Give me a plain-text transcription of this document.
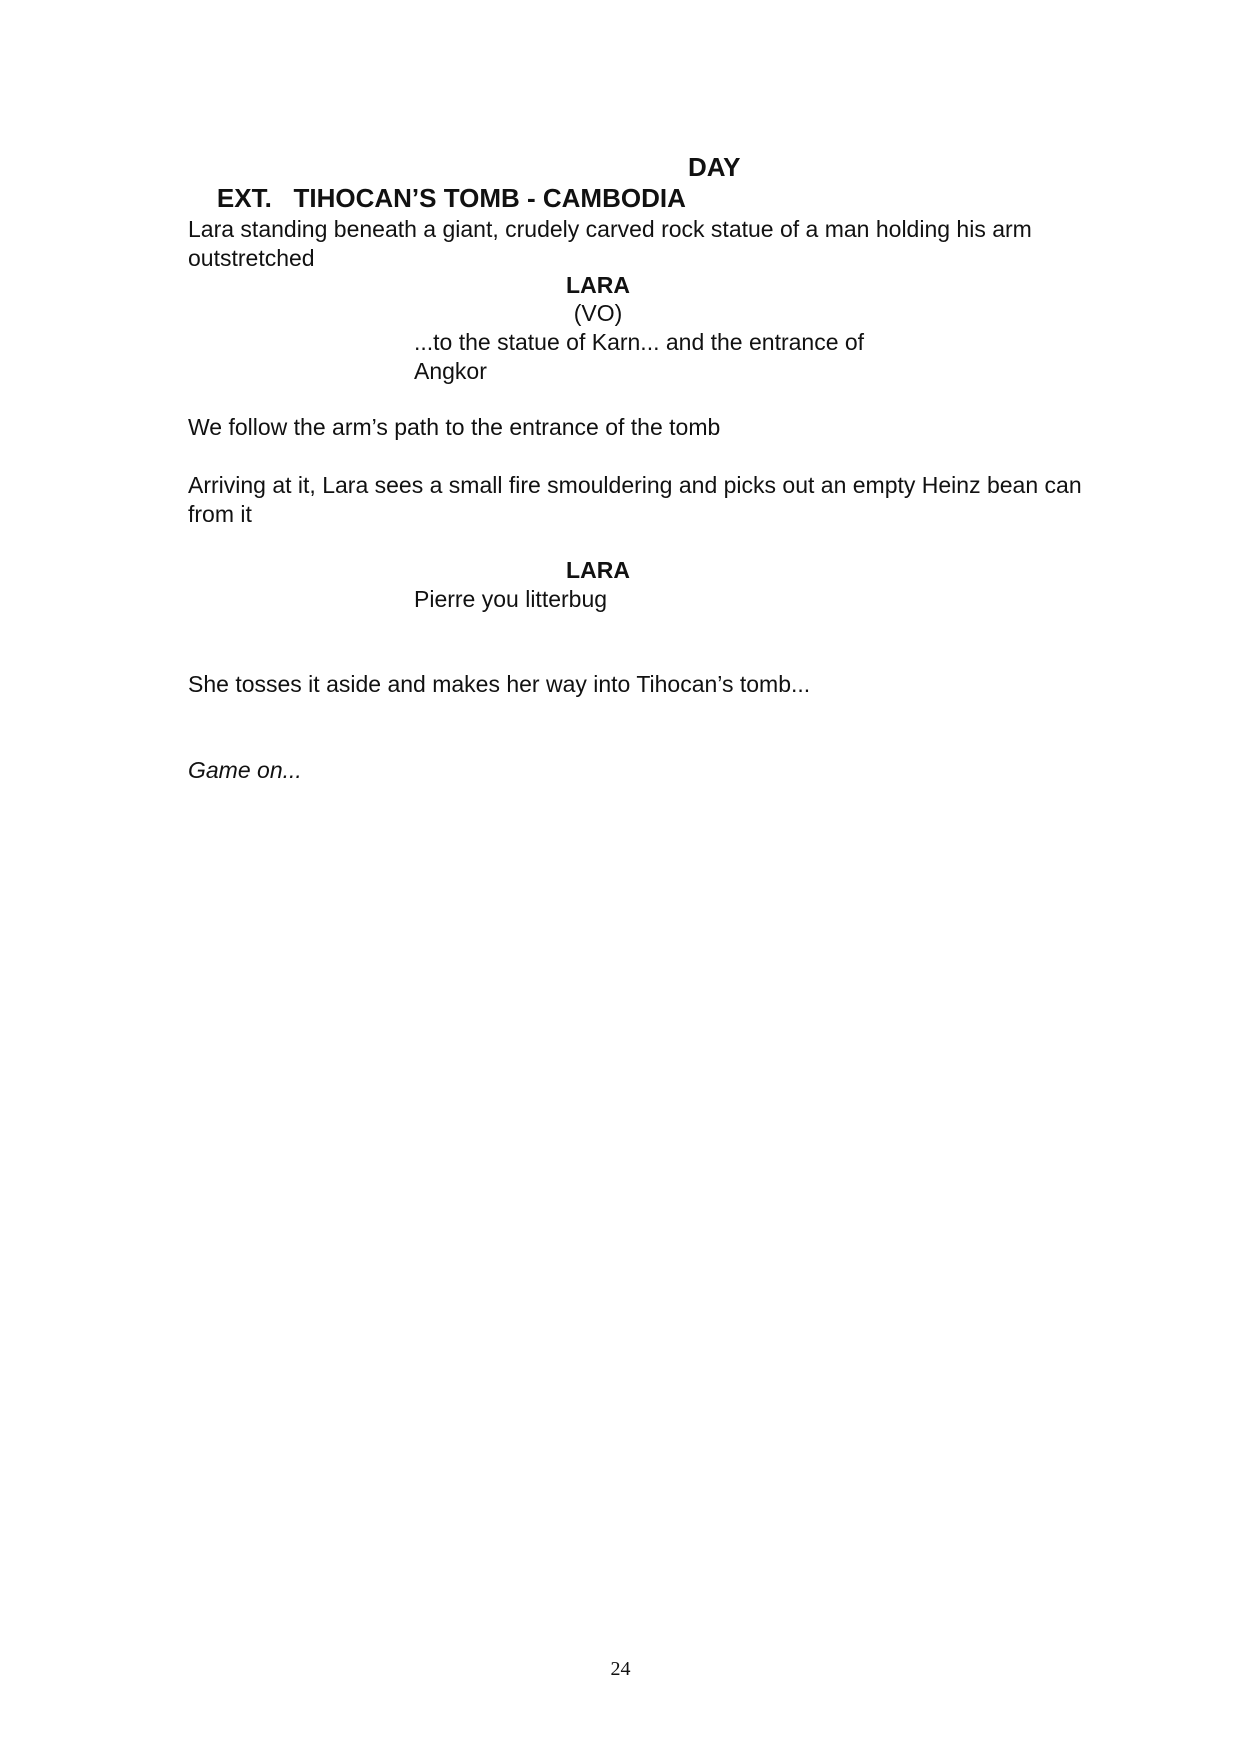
EXT.   TIHOCAN’S TOMB - CAMBODIA

DAY

Lara standing beneath a giant, crudely carved rock statue of a man holding his arm outstretched
LARA
(VO)
...to the statue of Karn... and the entrance of Angkor
We follow the arm’s path to the entrance of the tomb
Arriving at it, Lara sees a small fire smouldering and picks out an empty Heinz bean can from it
LARA
Pierre you litterbug
She tosses it aside and makes her way into Tihocan’s tomb...
Game on...
24
